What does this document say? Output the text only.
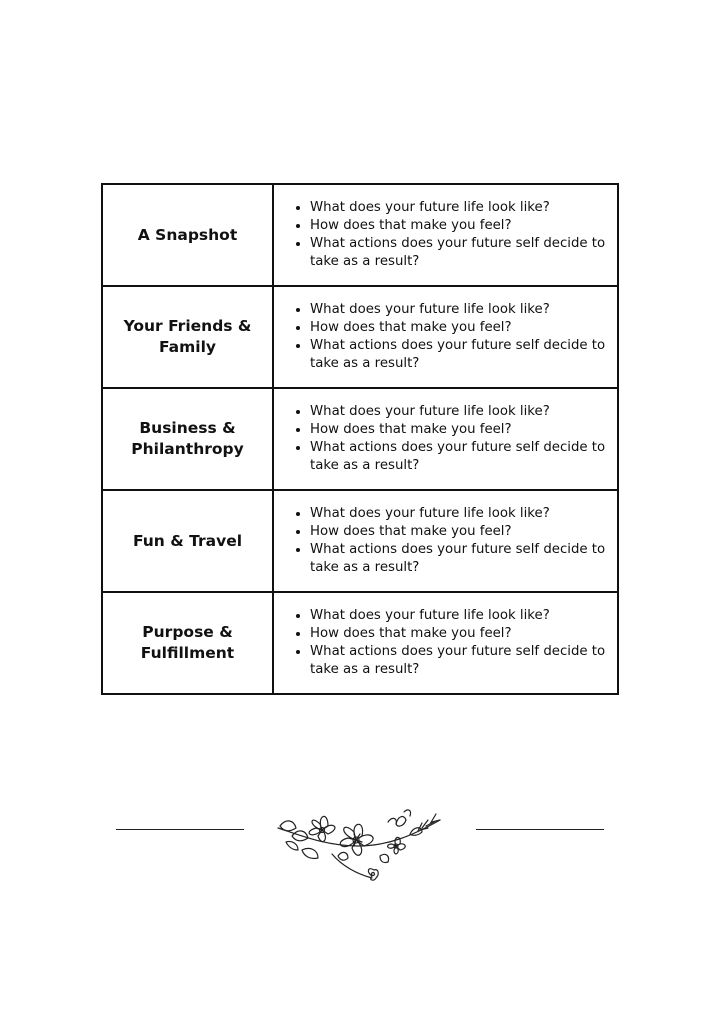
A Snapshot
• What does your future life look like?
• How does that make you feel?
• What actions does your future self decide to take as a result?
Your Friends & Family
• What does your future life look like?
• How does that make you feel?
• What actions does your future self decide to take as a result?
Business & Philanthropy
• What does your future life look like?
• How does that make you feel?
• What actions does your future self decide to take as a result?
Fun & Travel
• What does your future life look like?
• How does that make you feel?
• What actions does your future self decide to take as a result?
Purpose & Fulfillment
• What does your future life look like?
• How does that make you feel?
• What actions does your future self decide to take as a result?
